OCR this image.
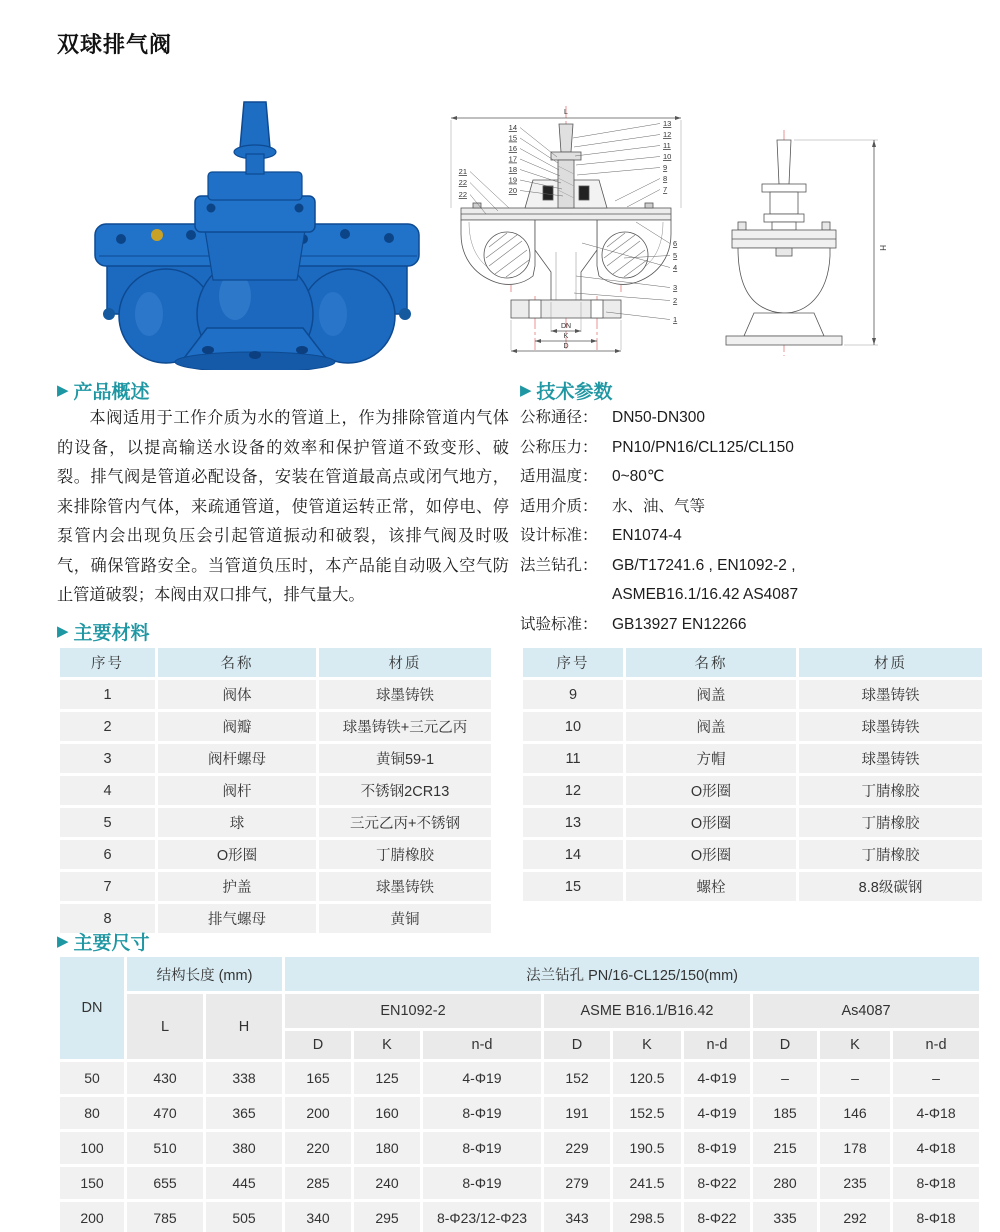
双球排气阀
L
DN
K
D
14
15
16
17
18
19
20
21
22
22
13
12
11
10
9
8
7
6
5
4
3
2
1
H
▶ 产品概述
本阀适用于工作介质为水的管道上，作为排除管道内气体的设备，以提高输送水设备的效率和保护管道不致变形、破裂。排气阀是管道必配设备，安装在管道最高点或闭气地方，来排除管内气体，来疏通管道，使管道运转正常，如停电、停泵管内会出现负压会引起管道振动和破裂，该排气阀及时吸气，确保管路安全。当管道负压时，本产品能自动吸入空气防止管道破裂；本阀由双口排气，排气量大。
▶ 技术参数
公称通径： DN50-DN300
公称压力： PN10/PN16/CL125/CL150
适用温度： 0~80℃
适用介质： 水、油、气等
设计标准： EN1074-4
法兰钻孔： GB/T17241.6 , EN1092-2 ,
ASMEB16.1/16.42 AS4087
试验标准： GB13927 EN12266
▶ 主要材料
序号	名称	材质
1	阀体	球墨铸铁
2	阀瓣	球墨铸铁+三元乙丙
3	阀杆螺母	黄铜59-1
4	阀杆	不锈钢2CR13
5	球	三元乙丙+不锈钢
6	O形圈	丁腈橡胶
7	护盖	球墨铸铁
8	排气螺母	黄铜
序号	名称	材质
9	阀盖	球墨铸铁
10	阀盖	球墨铸铁
11	方帽	球墨铸铁
12	O形圈	丁腈橡胶
13	O形圈	丁腈橡胶
14	O形圈	丁腈橡胶
15	螺栓	8.8级碳钢
▶ 主要尺寸
DN	结构长度 (mm)		法兰钻孔 PN/16-CL125/150(mm)								
	L	H	EN1092-2			ASME B16.1/B16.42			As4087		
			D	K	n-d	D	K	n-d	D	K	n-d
50	430	338	165	125	4-Φ19	152	120.5	4-Φ19	–	–	–
80	470	365	200	160	8-Φ19	191	152.5	4-Φ19	185	146	4-Φ18
100	510	380	220	180	8-Φ19	229	190.5	8-Φ19	215	178	4-Φ18
150	655	445	285	240	8-Φ19	279	241.5	8-Φ22	280	235	8-Φ18
200	785	505	340	295	8-Φ23/12-Φ23	343	298.5	8-Φ22	335	292	8-Φ18
